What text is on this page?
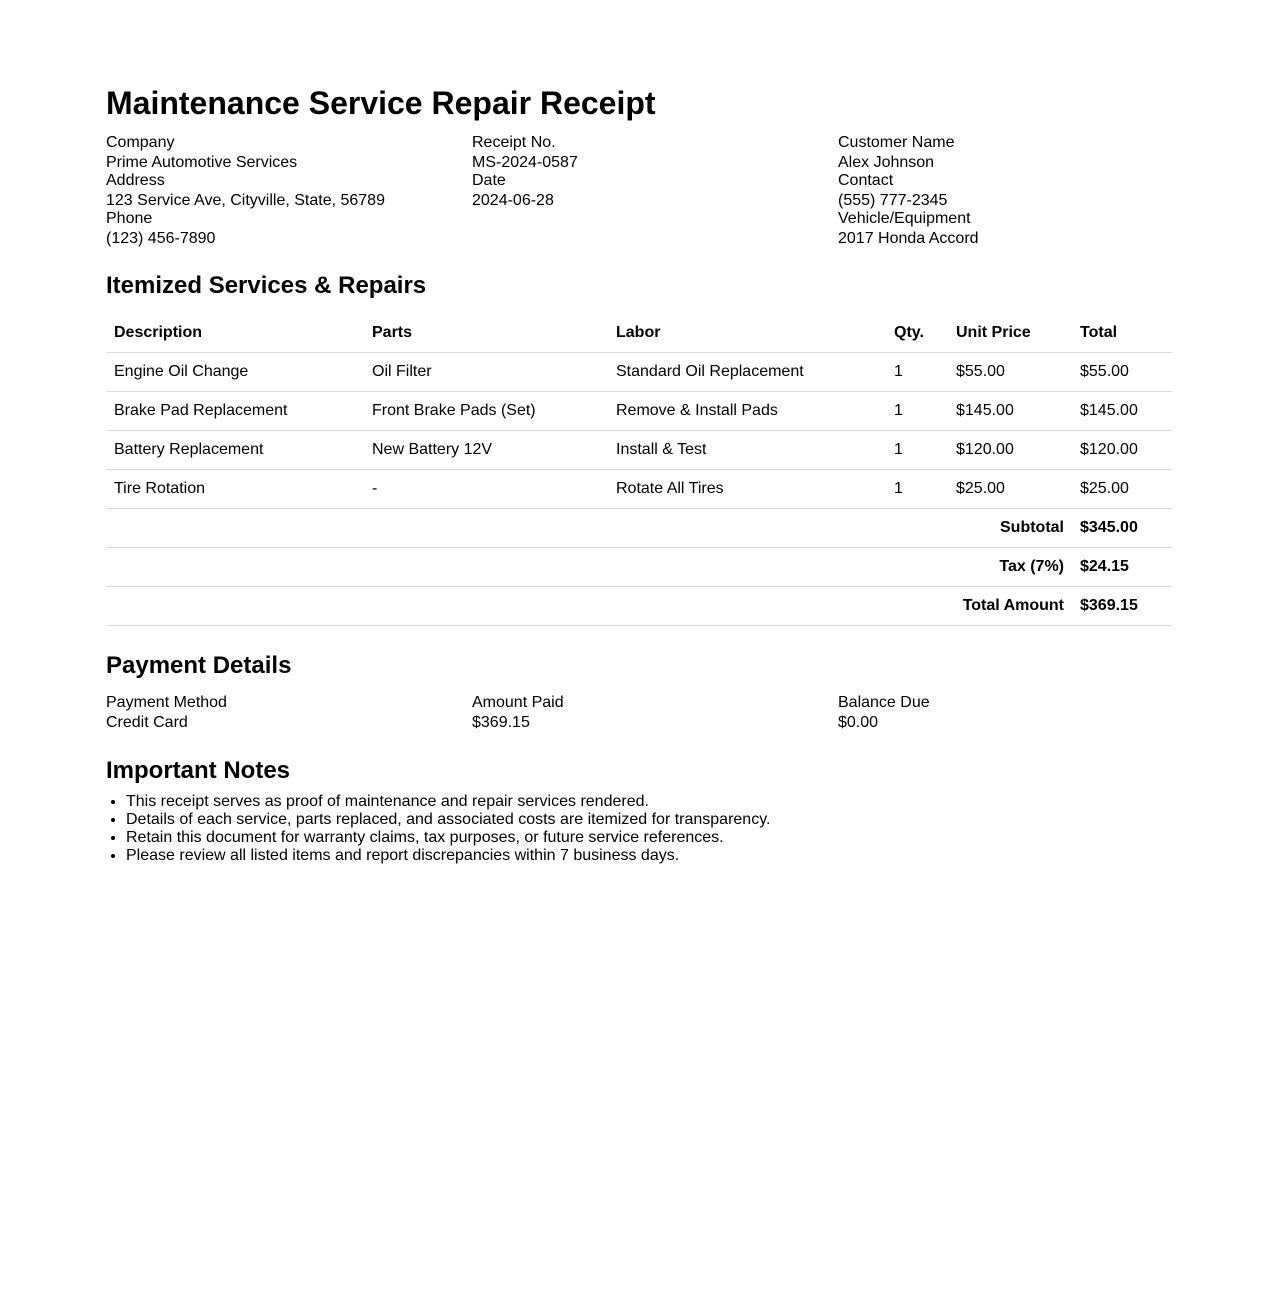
Maintenance Service Repair Receipt
Company
Prime Automotive Services
Address
123 Service Ave, Cityville, State, 56789
Phone
(123) 456-7890
Receipt No.
MS-2024-0587
Date
2024-06-28
Customer Name
Alex Johnson
Contact
(555) 777-2345
Vehicle/Equipment
2017 Honda Accord
Itemized Services & Repairs
Description	Parts	Labor	Qty.	Unit Price	Total
Engine Oil Change	Oil Filter	Standard Oil Replacement	1	$55.00	$55.00
Brake Pad Replacement	Front Brake Pads (Set)	Remove & Install Pads	1	$145.00	$145.00
Battery Replacement	New Battery 12V	Install & Test	1	$120.00	$120.00
Tire Rotation	-	Rotate All Tires	1	$25.00	$25.00
Subtotal					$345.00
Tax (7%)					$24.15
Total Amount					$369.15
Payment Details
Payment Method
Credit Card
Amount Paid
$369.15
Balance Due
$0.00
Important Notes
• This receipt serves as proof of maintenance and repair services rendered.
• Details of each service, parts replaced, and associated costs are itemized for transparency.
• Retain this document for warranty claims, tax purposes, or future service references.
• Please review all listed items and report discrepancies within 7 business days.
